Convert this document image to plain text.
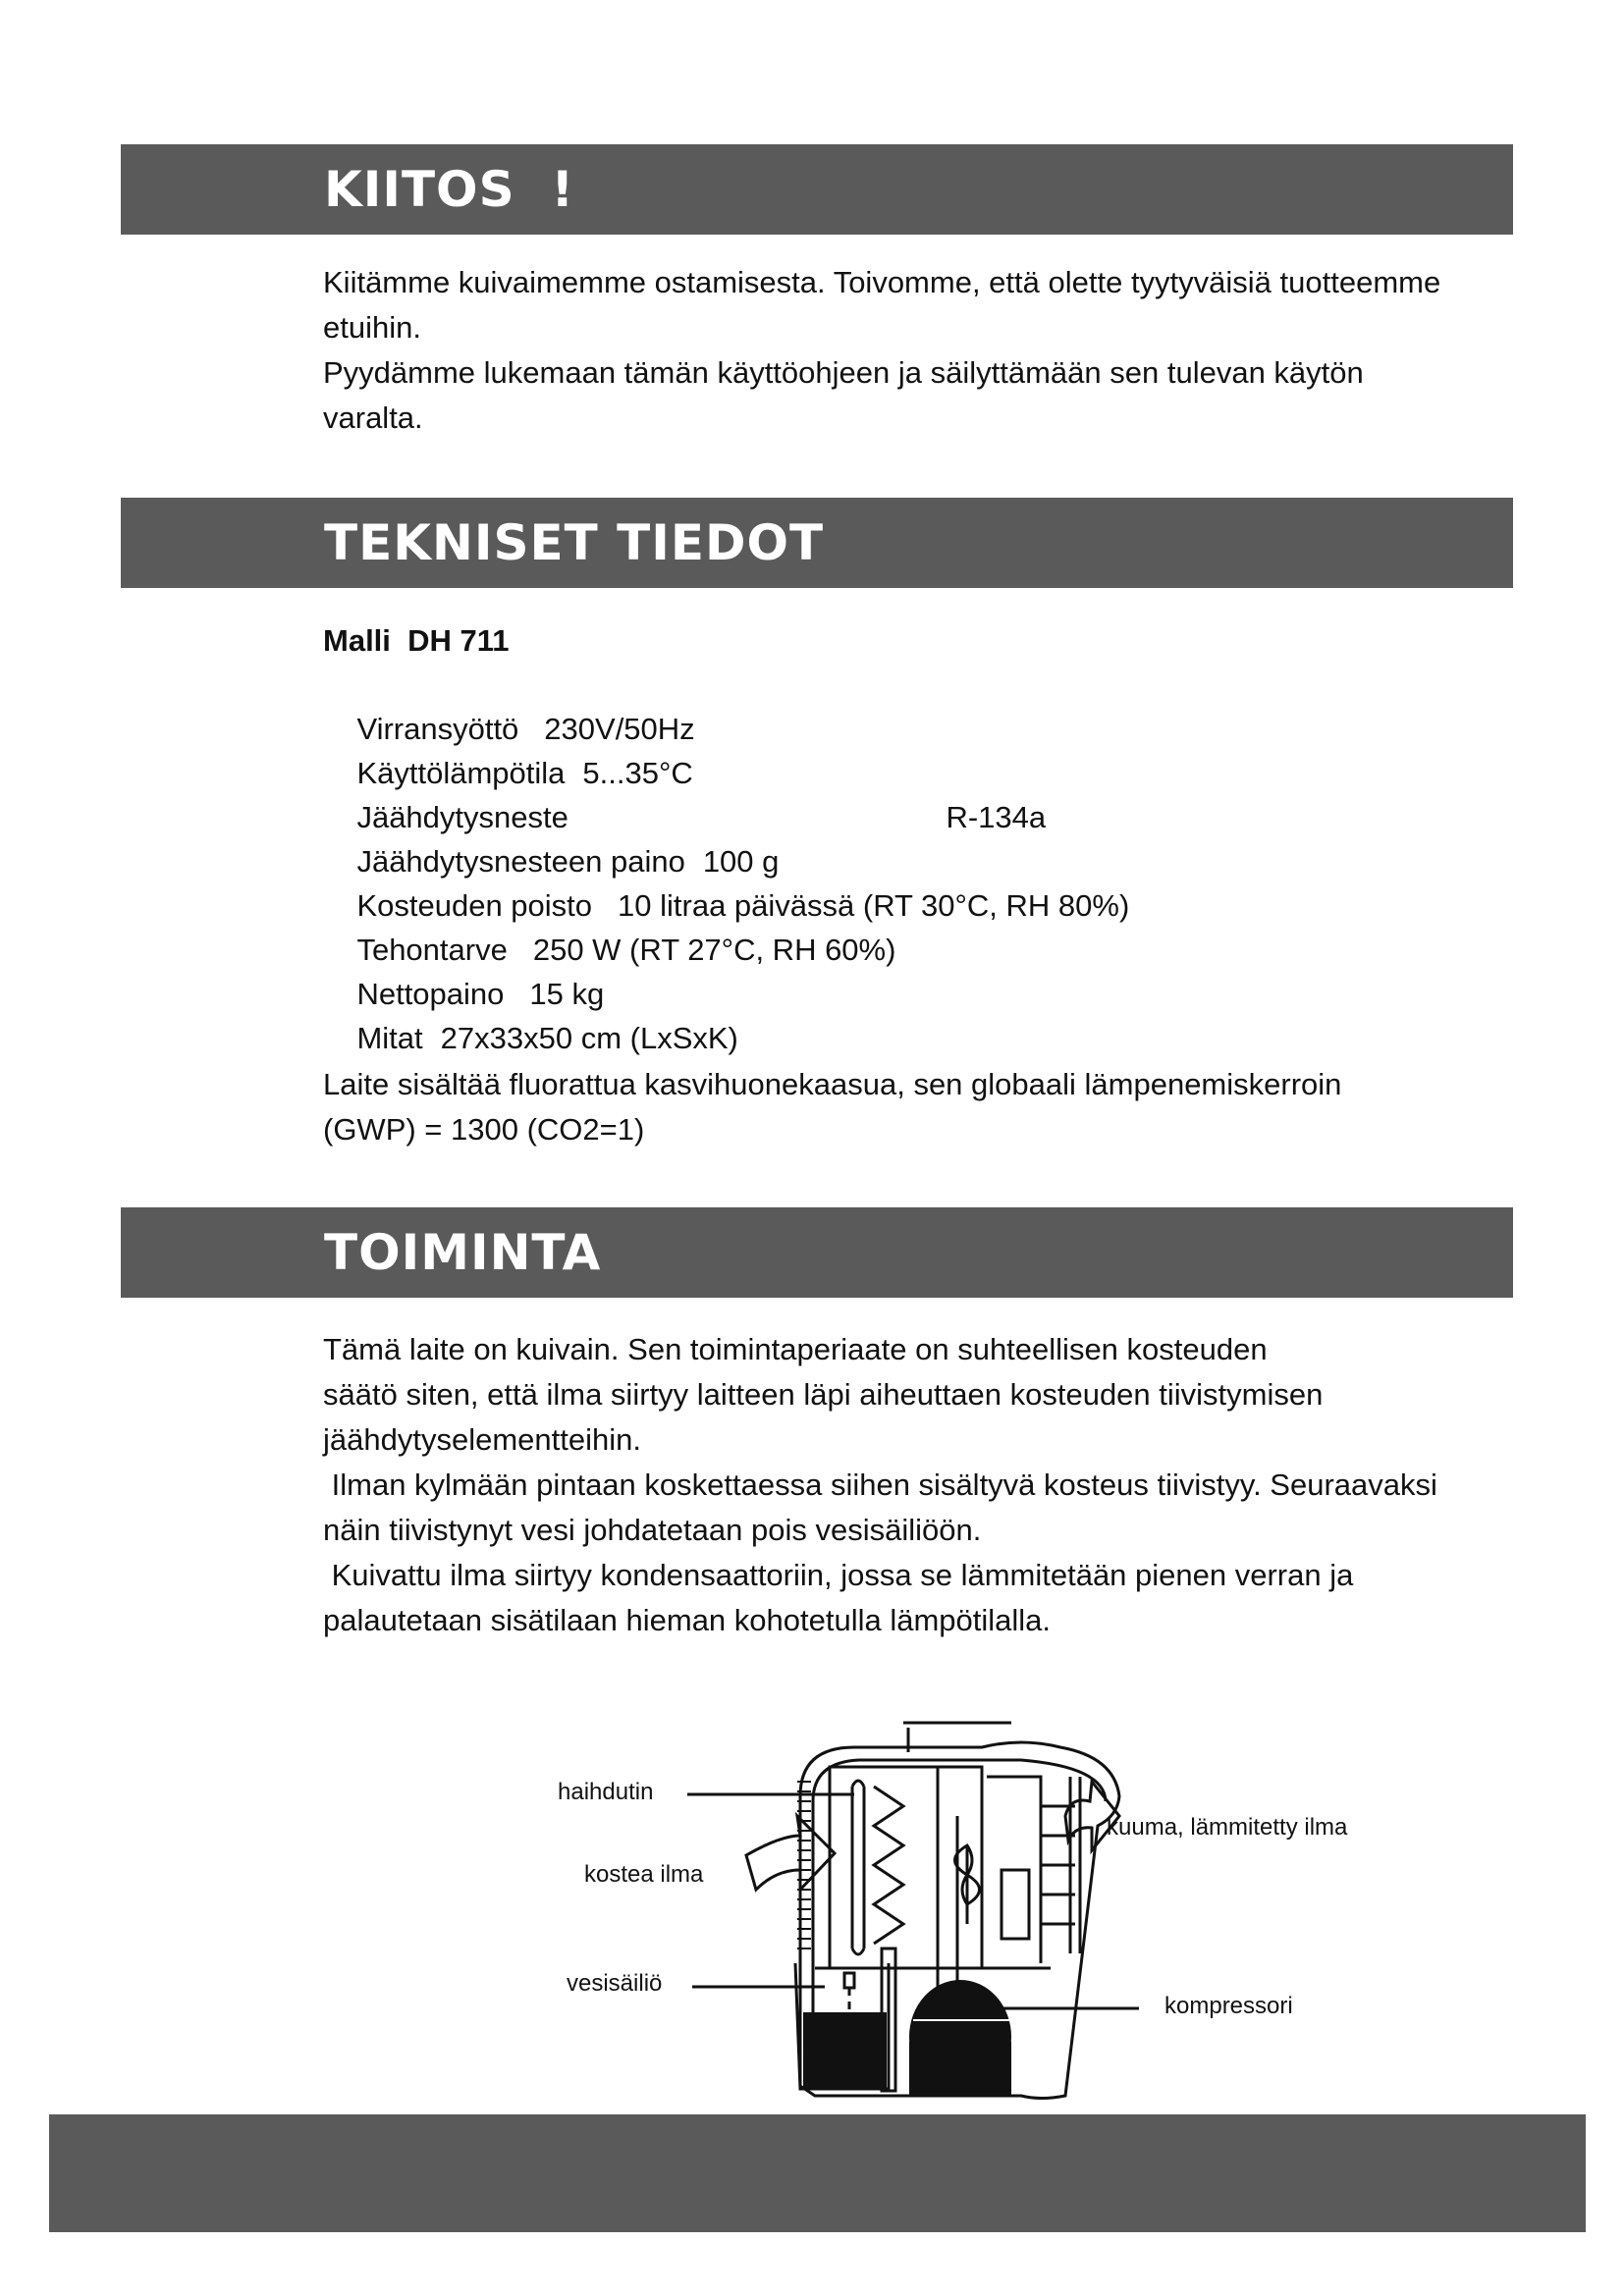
KIITOS  !

Kiitämme kuivaimemme ostamisesta. Toivomme, että olette tyytyväisiä tuotteemme

etuihin.

Pyydämme lukemaan tämän käyttöohjeen ja säilyttämään sen tulevan käytön

varalta.

TEKNISET TIEDOT
Malli  DH 711

Virransyöttö 230V/50Hz

Käyttölämpötila 5...35°C

Jäähdytysneste	R-134a

Jäähdytysnesteen paino 100 g

Kosteuden poisto 10 litraa päivässä (RT 30°C, RH 80%)

Tehontarve 250 W (RT 27°C, RH 60%)

Nettopaino 15 kg

Mitat 27x33x50 cm (LxSxK)

Laite sisältää fluorattua kasvihuonekaasua, sen globaali lämpenemiskerroin

(GWP) = 1300 (CO2=1)

TOIMINTA

Tämä laite on kuivain. Sen toimintaperiaate on suhteellisen kosteuden

säätö siten, että ilma siirtyy laitteen läpi aiheuttaen kosteuden tiivistymisen

jäähdytyselementteihin.

Ilman kylmään pintaan koskettaessa siihen sisältyvä kosteus tiivistyy. Seuraavaksi

näin tiivistynyt vesi johdatetaan pois vesisäiliöön.

Kuivattu ilma siirtyy kondensaattoriin, jossa se lämmitetään pienen verran ja

palautetaan sisätilaan hieman kohotetulla lämpötilalla.

haihdutin
kostea ilma
vesisäiliö
kuuma, lämmitetty ilma
kompressori
